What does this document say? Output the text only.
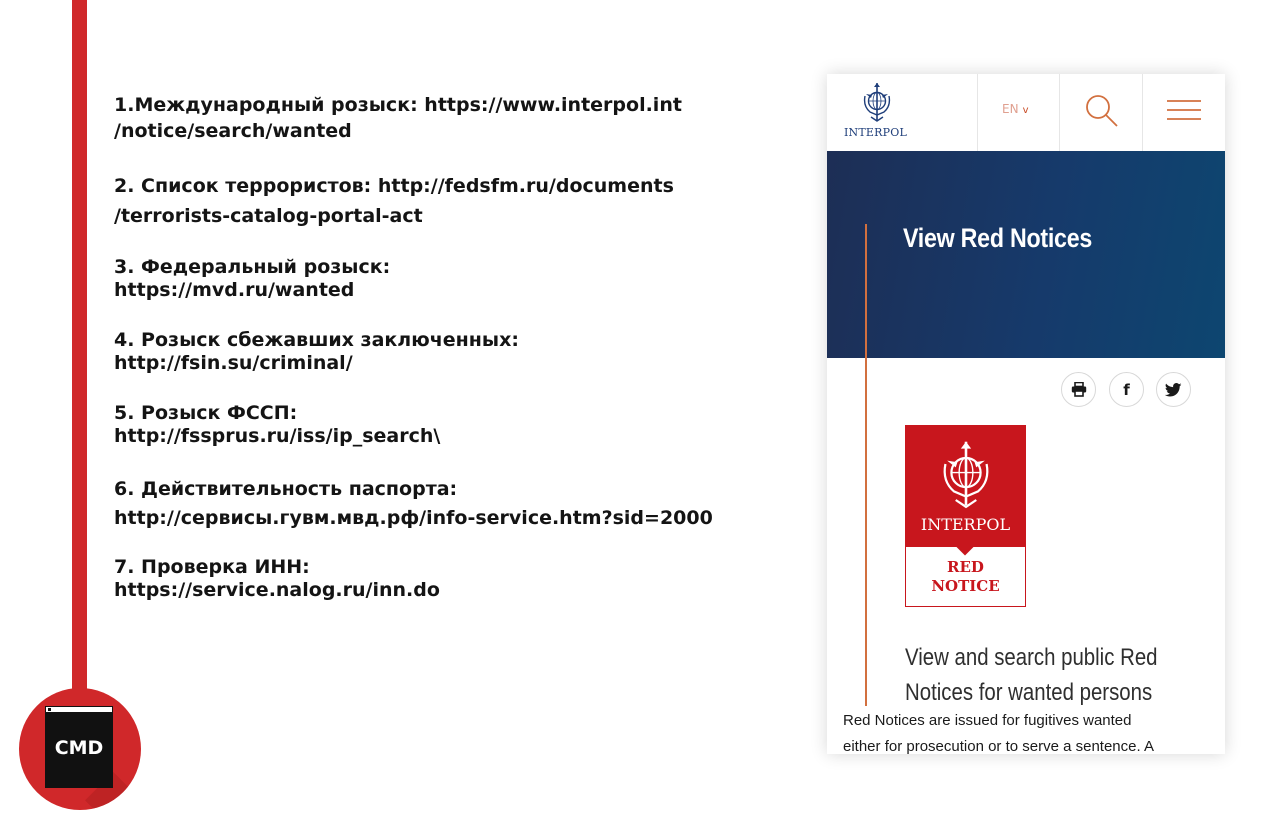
CMD
1.Международный розыск: https://www.interpol.int
/notice/search/wanted
2. Список террористов: http://fedsfm.ru/documents
/terrorists-catalog-portal-act
3. Федеральный розыск:
https://mvd.ru/wanted
4. Розыск сбежавших заключенных:
http://fsin.su/criminal/
5. Розыск ФССП:
http://fssprus.ru/iss/ip_search\
6. Действительность паспорта:
http://сервисы.гувм.мвд.рф/info-service.htm?sid=2000
7. Проверка ИНН:
https://service.nalog.ru/inn.do
INTERPOL
EN v
View Red Notices
f
INTERPOL
RED
NOTICE
View and search public Red
Notices for wanted persons
Red Notices are issued for fugitives wanted
either for prosecution or to serve a sentence. A
